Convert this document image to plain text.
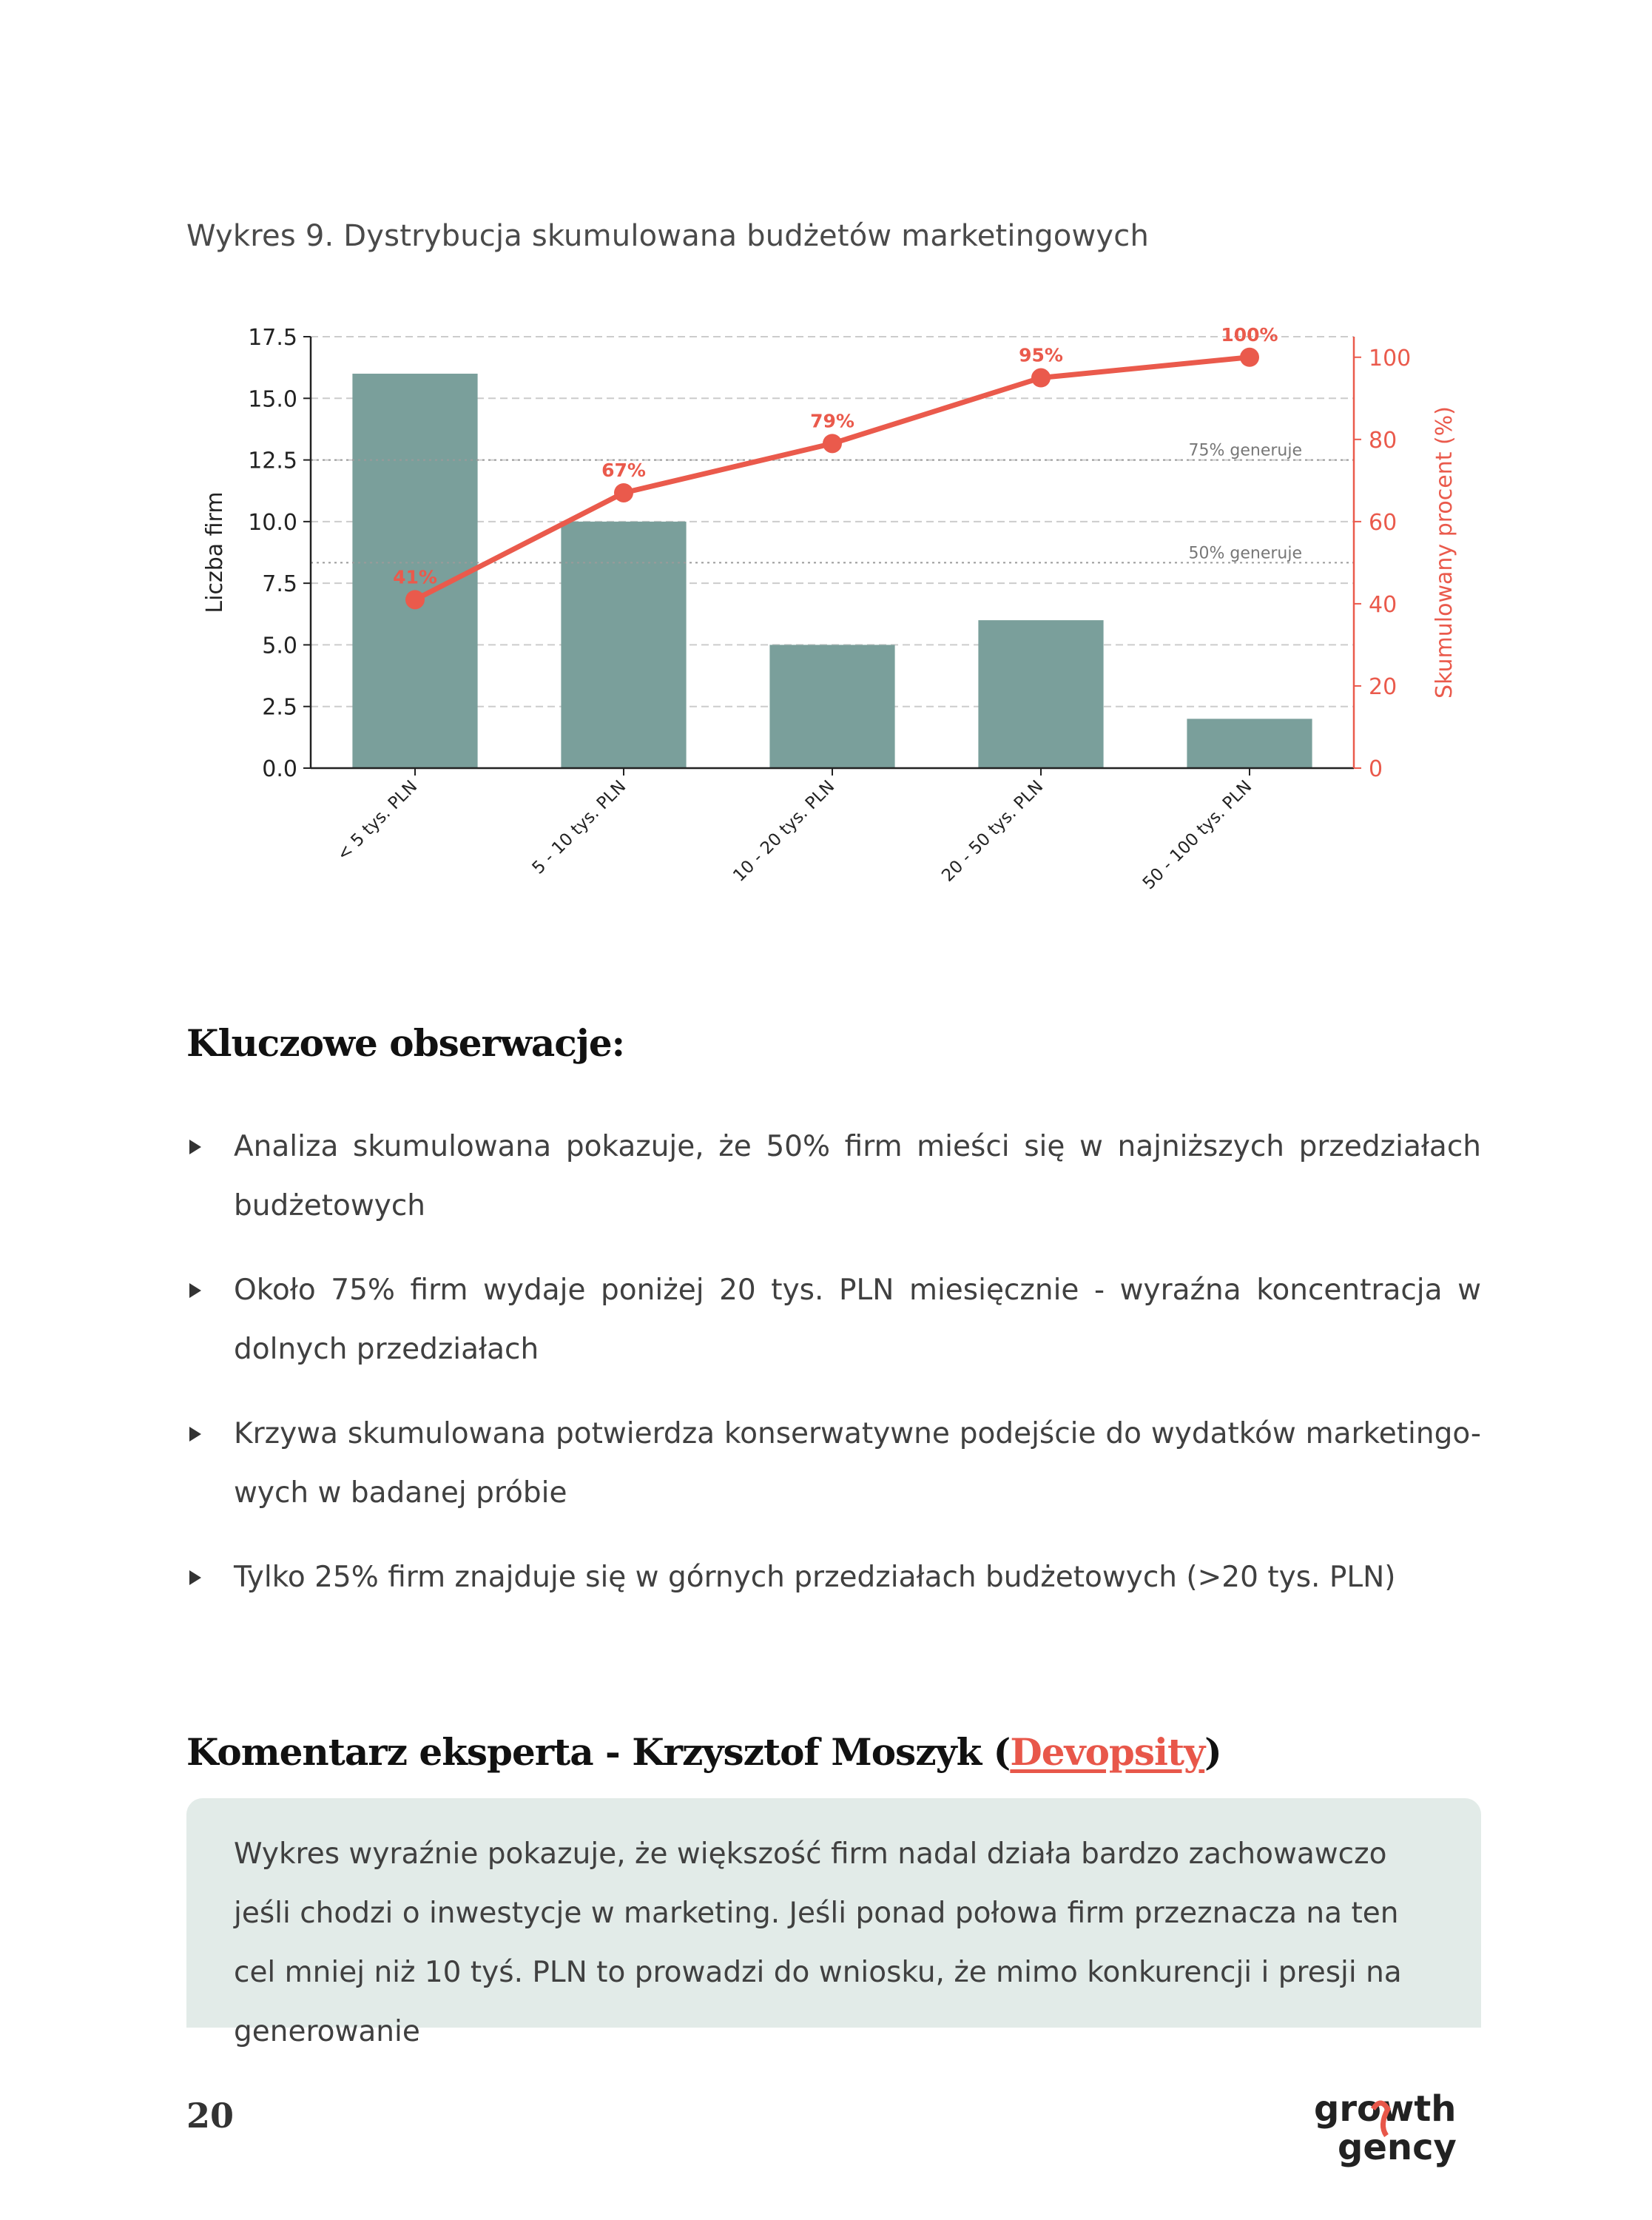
Wykres 9. Dystrybucja skumulowana budżetów marketingowych
75% generuje
50% generuje
0.0
2.5
5.0
7.5
10.0
12.5
15.0
17.5
0
20
40
60
80
100
Liczba firm	Skumulowany procent (%)
< 5 tys. PLN	5 - 10 tys. PLN	10 - 20 tys. PLN	20 - 50 tys. PLN	50 - 100 tys. PLN
41%
67%
79%
95%
100%
Kluczowe obserwacje:
Analiza skumulowana pokazuje, że 50% firm mieści się w najniższych przedziałach budżetowych
Około 75% firm wydaje poniżej 20 tys. PLN miesięcznie - wyraźna koncentracja w dolnych przedziałach
Krzywa skumulowana potwierdza konserwatywne podejście do wydatków marketingo-wych w badanej próbie
Tylko 25% firm znajduje się w górnych przedziałach budżetowych (>20 tys. PLN)
Komentarz eksperta - Krzysztof Moszyk (Devopsity)

Wykres wyraźnie pokazuje, że większość firm nadal działa bardzo zachowawczo jeśli chodzi o inwestycje w marketing. Jeśli ponad połowa firm przeznacza na ten cel mniej niż 10 tyś. PLN to prowadzi do wniosku, że mimo konkurencji i presji na generowanie

20	growth
gency
